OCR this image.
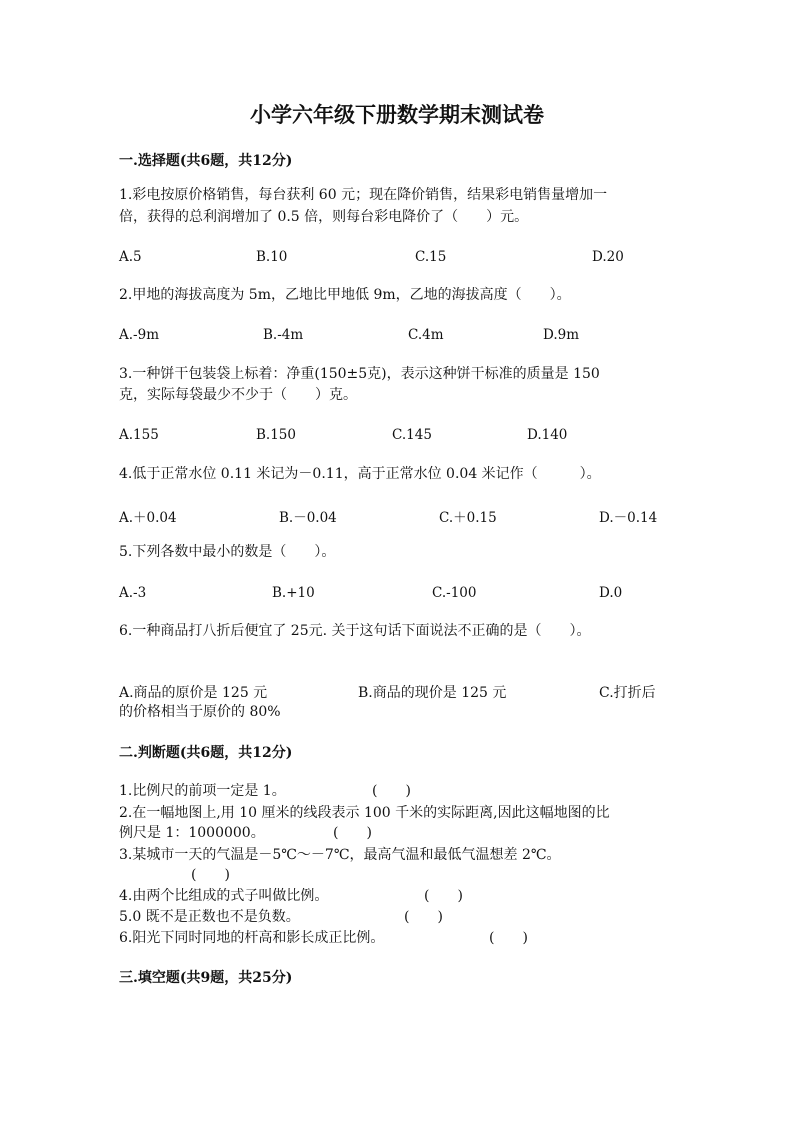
小学六年级下册数学期末测试卷
一.选择题(共6题，共12分)
1.彩电按原价格销售，每台获利 60 元；现在降价销售，结果彩电销售量增加一
倍，获得的总利润增加了 0.5 倍，则每台彩电降价了（　　）元。
A.5	B.10	C.15	D.20
2.甲地的海拔高度为 5m，乙地比甲地低 9m，乙地的海拔高度（　　）。
A.-9m	B.-4m	C.4m	D.9m
3.一种饼干包装袋上标着：净重(150±5克)，表示这种饼干标准的质量是 150
克，实际每袋最少不少于（　　）克。
A.155	B.150	C.145	D.140
4.低于正常水位 0.11 米记为－0.11，高于正常水位 0.04 米记作（　　　）。
A.＋0.04	B.－0.04	C.＋0.15	D.－0.14
5.下列各数中最小的数是（　　）。
A.-3	B.+10	C.-100	D.0
6.一种商品打八折后便宜了 25元. 关于这句话下面说法不正确的是（　　）。
A.商品的原价是 125 元	B.商品的现价是 125 元	C.打折后
的价格相当于原价的 80%
二.判断题(共6题，共12分)
1.比例尺的前项一定是 1。	(　　)
2.在一幅地图上,用 10 厘米的线段表示 100 千米的实际距离,因此这幅地图的比
例尺是 1：1000000。	(　　)
3.某城市一天的气温是－5℃～－7℃，最高气温和最低气温想差 2℃。
(　　)
4.由两个比组成的式子叫做比例。	(　　)
5.0 既不是正数也不是负数。	(　　)
6.阳光下同时同地的杆高和影长成正比例。	(　　)
三.填空题(共9题，共25分)
